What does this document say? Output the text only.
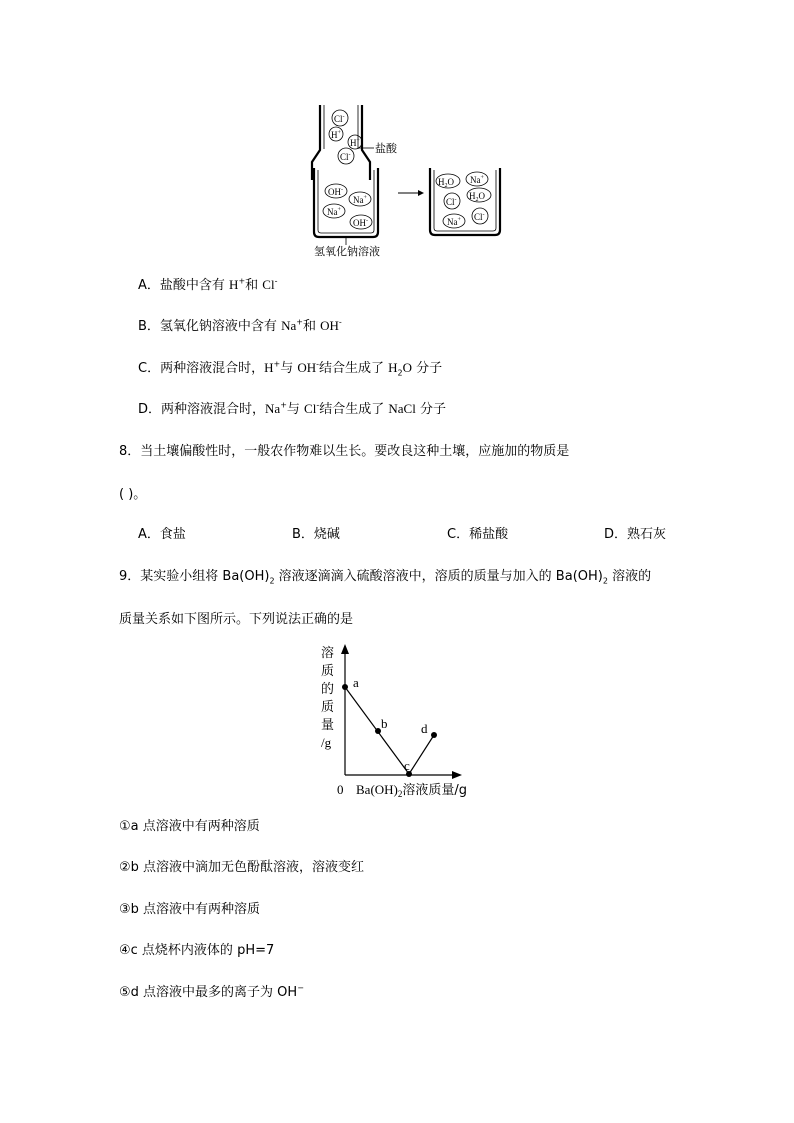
Cl-
H+
H+
Cl- 盐酸
OH-
Na+
Na+
OH-
氢氧化钠溶液
$H_2O$ Na+
$H_2O$
Cl-
Na+ Cl-
A．盐酸中含有 H+和 Cl-
B．氢氧化钠溶液中含有 Na+和 OH-
C．两种溶液混合时，H+与 OH-结合生成了 $H_2O$ 分子
D．两种溶液混合时，Na+与 Cl-结合生成了 NaCl 分子
8．当土壤偏酸性时，一般农作物难以生长。要改良这种土壤，应施加的物质是
( )。
A．食盐	B．烧碱	C．稀盐酸	D．熟石灰
9．某实验小组将 $Ba(OH)_2$ 溶液逐滴滴入硫酸溶液中，溶质的质量与加入的 $Ba(OH)_2$ 溶液的
质量关系如下图所示。下列说法正确的是
溶
质
的
质
量
/g
a
b
c
d
0 $Ba(OH)_2$溶液质量/g
①a 点溶液中有两种溶质
②b 点溶液中滴加无色酚酞溶液，溶液变红
③b 点溶液中有两种溶质
④c 点烧杯内液体的 pH=7
⑤d 点溶液中最多的离子为 OH−
